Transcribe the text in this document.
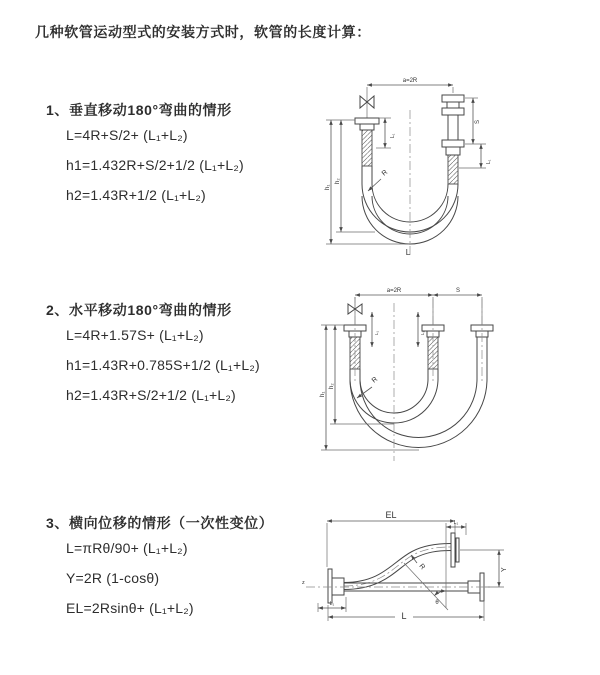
几种软管运动型式的安装方式时，软管的长度计算：
1、垂直移动180°弯曲的情形
L=4R+S/2+ (L₁+L₂)
h1=1.432R+S/2+1/2 (L₁+L₂)
h2=1.43R+1/2 (L₁+L₂)
2、水平移动180°弯曲的情形
L=4R+1.57S+ (L₁+L₂)
h1=1.43R+0.785S+1/2 (L₁+L₂)
h2=1.43R+S/2+1/2 (L₁+L₂)
3、横向位移的情形（一次性变位）
L=πRθ/90+ (L₁+L₂)
Y=2R (1-cosθ)
EL=2Rsinθ+ (L₁+L₂)
a=2R
h₁
h₂
L₁
S
L₁
R
L
a=2R	S
h₁
h₂
L₁	L₁
R
EL
L₁
z
Y
L
L₁	θ
R
